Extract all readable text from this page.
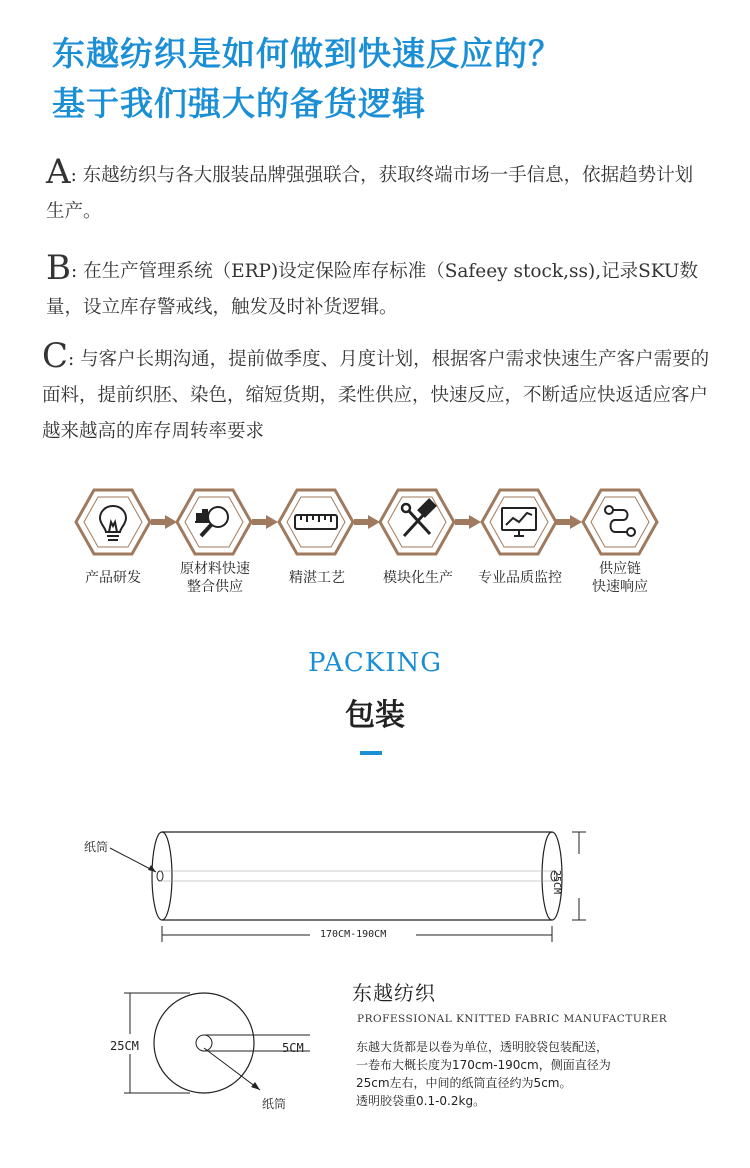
东越纺织是如何做到快速反应的？
基于我们强大的备货逻辑
A: 东越纺织与各大服装品牌强强联合，获取终端市场一手信息，依据趋势计划生产。
B: 在生产管理系统（ERP)设定保险库存标准（Safeey stock,ss),记录SKU数量，设立库存警戒线，触发及时补货逻辑。
C: 与客户长期沟通，提前做季度、月度计划，根据客户需求快速生产客户需要的面料，提前织胚、染色，缩短货期，柔性供应，快速反应，不断适应快返适应客户越来越高的库存周转率要求
产品研发
原材料快速
整合供应
精湛工艺	模块化生产	专业品质监控
供应链
快速响应
PACKING
包装
纸筒
170CM-190CM
25CM
25CM	5CM
纸筒
东越纺织
PROFESSIONAL KNITTED FABRIC MANUFACTURER
东越大货都是以卷为单位，透明胶袋包装配送，
一卷布大概长度为170cm-190cm，侧面直径为
25cm左右，中间的纸筒直径约为5cm。
透明胶袋重0.1-0.2kg。
